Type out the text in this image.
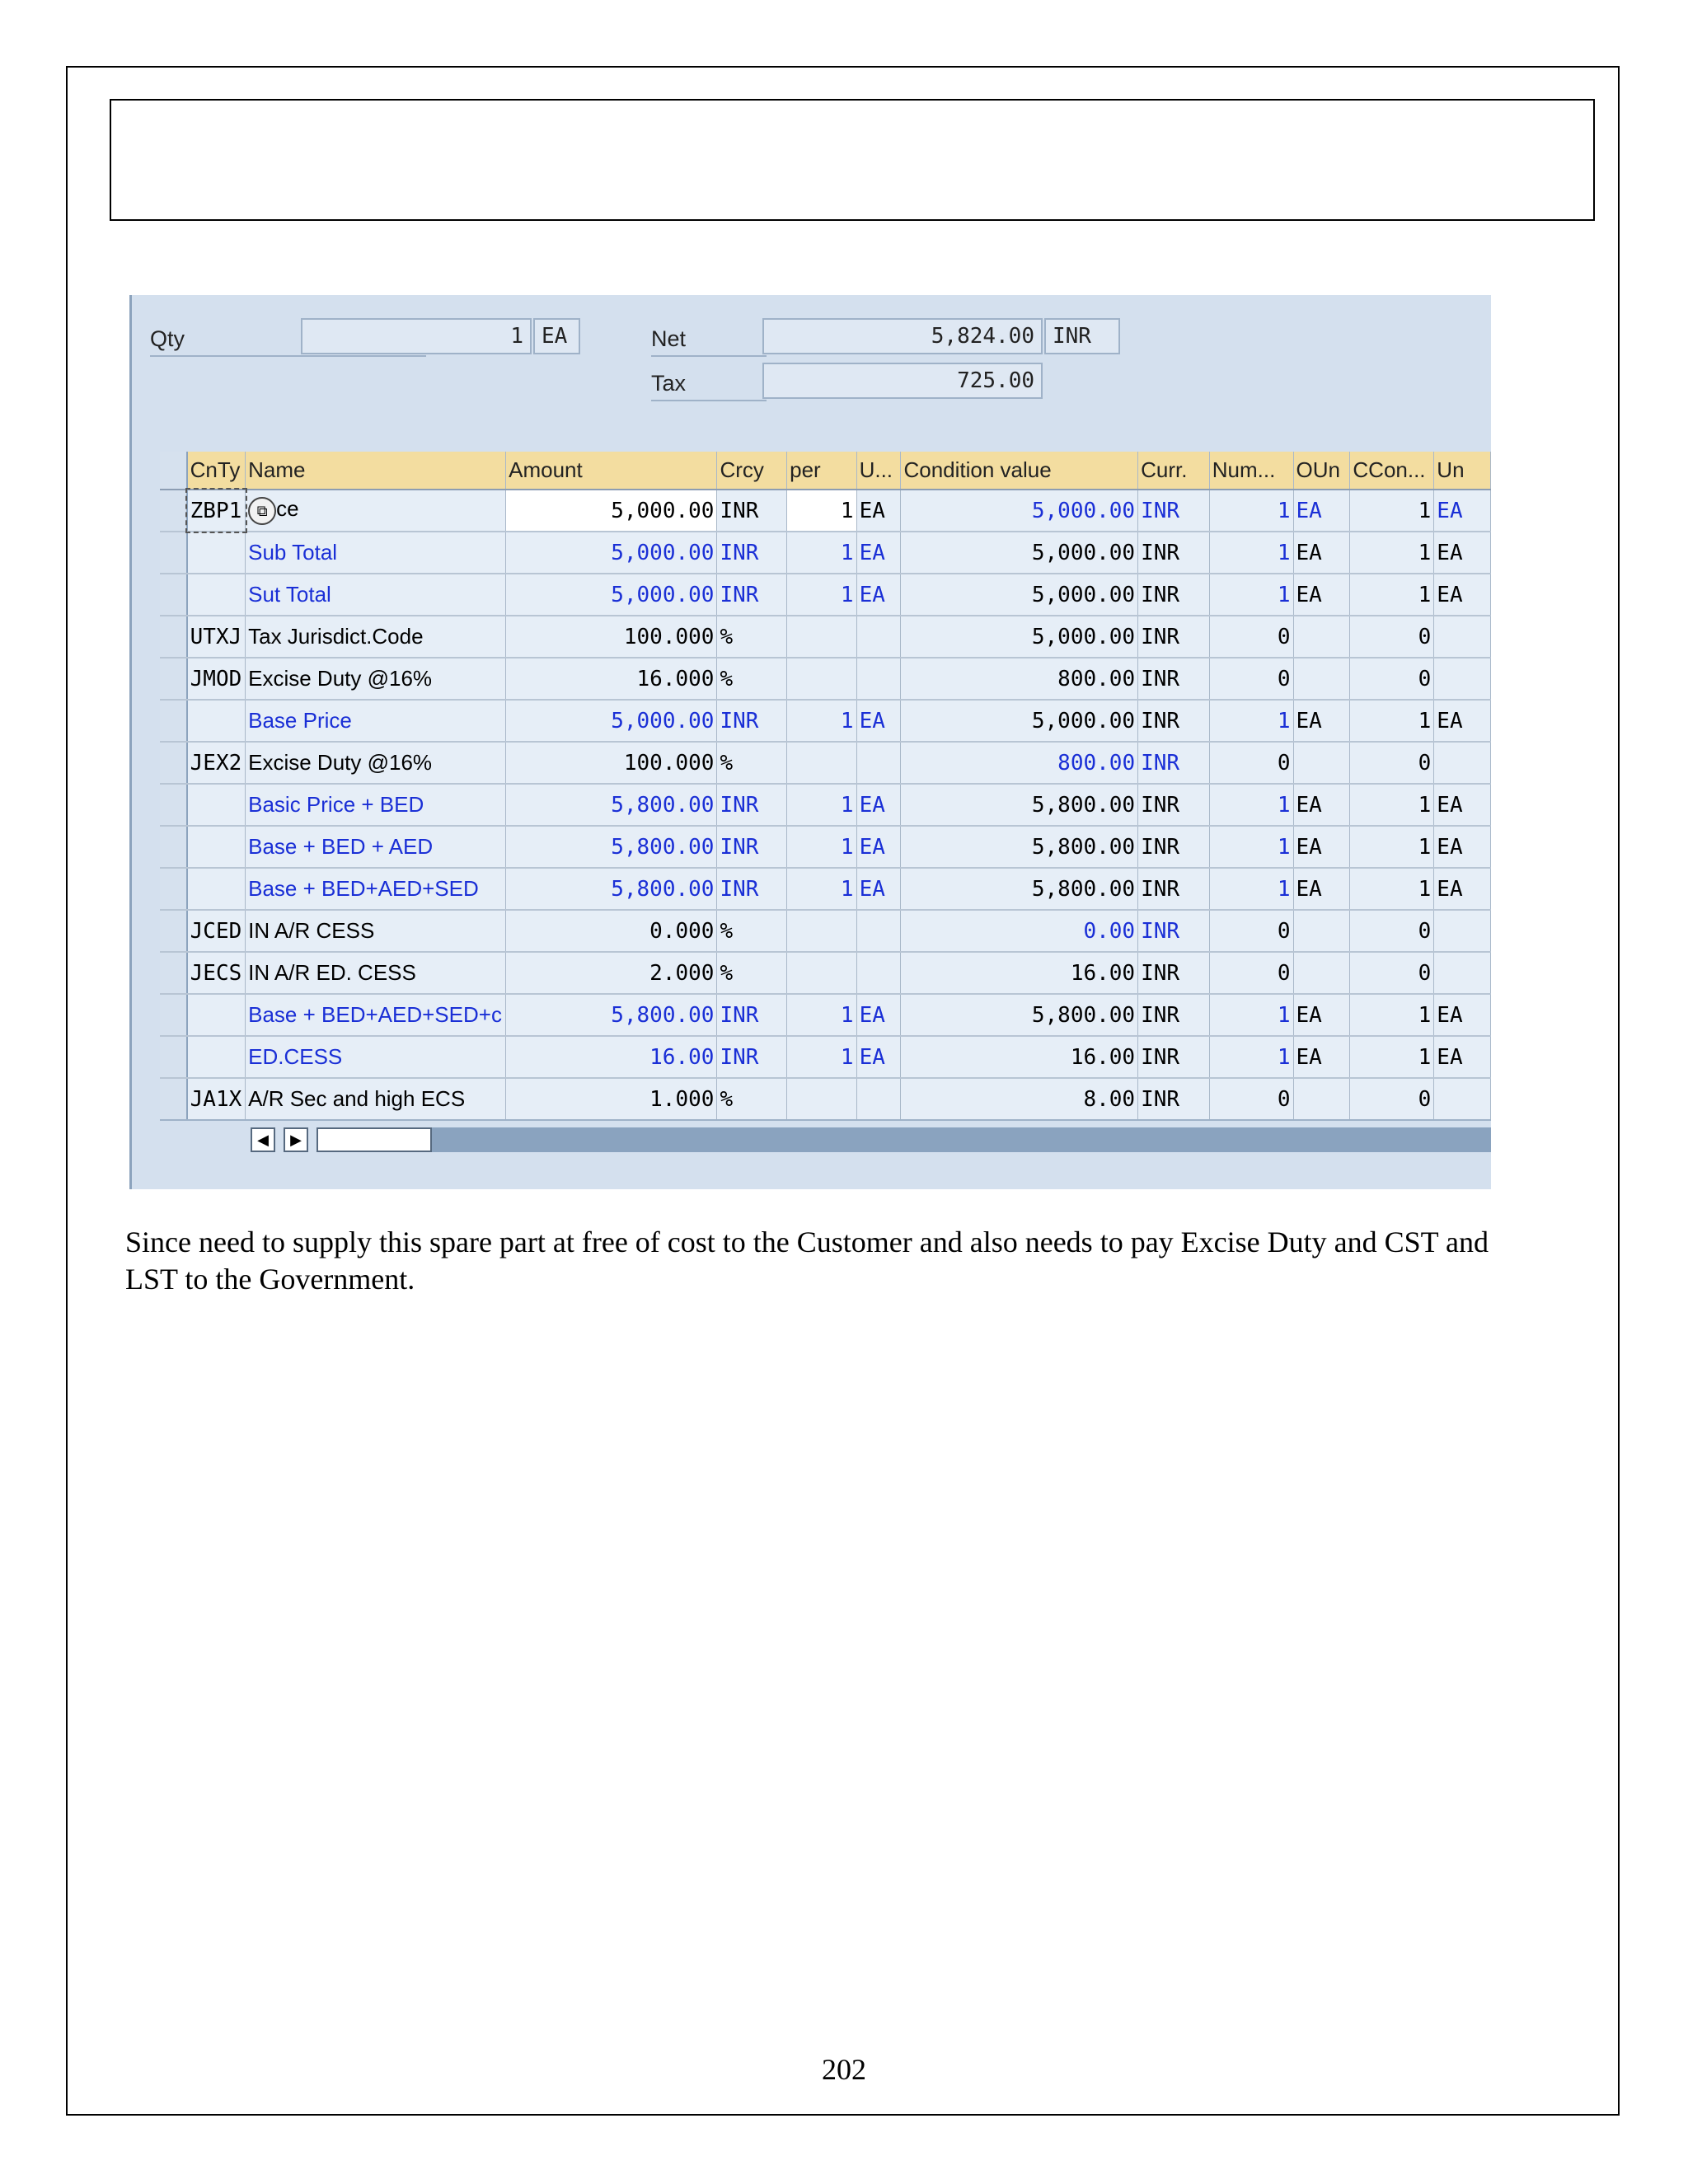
Qty	1 EA	Net	5,824.00 INR
Tax	725.00
	CnTy	Name	Amount	Crcy	per	U...	Condition value	Curr.	Num...	OUn	CCon...	Un
	ZBP1	⧉ ce	5,000.00	INR	1	EA	5,000.00	INR	1	EA	1	EA
		Sub Total	5,000.00	INR	1	EA	5,000.00	INR	1	EA	1	EA
		Sut Total	5,000.00	INR	1	EA	5,000.00	INR	1	EA	1	EA
	UTXJ	Tax Jurisdict.Code	100.000	%			5,000.00	INR	0		0	
	JMOD	Excise Duty @16%	16.000	%			800.00	INR	0		0	
		Base Price	5,000.00	INR	1	EA	5,000.00	INR	1	EA	1	EA
	JEX2	Excise Duty @16%	100.000	%			800.00	INR	0		0	
		Basic Price + BED	5,800.00	INR	1	EA	5,800.00	INR	1	EA	1	EA
		Base + BED + AED	5,800.00	INR	1	EA	5,800.00	INR	1	EA	1	EA
		Base + BED+AED+SED	5,800.00	INR	1	EA	5,800.00	INR	1	EA	1	EA
	JCED	IN A/R CESS	0.000	%			0.00	INR	0		0	
	JECS	IN A/R ED. CESS	2.000	%			16.00	INR	0		0	
		Base + BED+AED+SED+c	5,800.00	INR	1	EA	5,800.00	INR	1	EA	1	EA
		ED.CESS	16.00	INR	1	EA	16.00	INR	1	EA	1	EA
	JA1X	A/R Sec and high ECS	1.000	%			8.00	INR	0		0	
◀	▶
Since need to supply this spare part at free of cost to the Customer and also needs to pay Excise Duty and CST and LST to the Government.
202
